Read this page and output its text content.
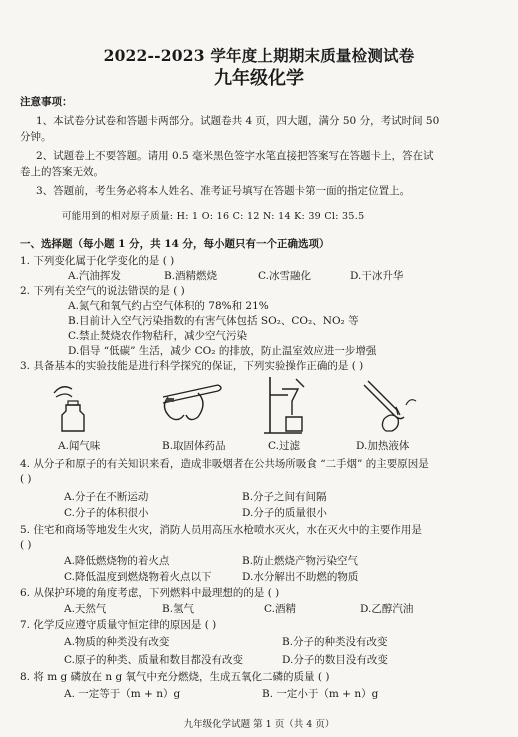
2022--2023 学年度上期期末质量检测试卷
九年级化学
注意事项：
1、本试卷分试卷和答题卡两部分。试题卷共 4 页，四大题，满分 50 分，考试时间 50
分钟。
2、试题卷上不要答题。请用 0.5 毫米黑色签字水笔直接把答案写在答题卡上，答在试
卷上的答案无效。
3、答题前，考生务必将本人姓名、准考证号填写在答题卡第一面的指定位置上。
可能用到的相对原子质量: H: 1 O: 16 C: 12 N: 14 K: 39 Cl: 35.5
一、选择题（每小题 1 分，共 14 分，每小题只有一个正确选项）
1. 下列变化属于化学变化的是 ( )
A.汽油挥发	B.酒精燃烧	C.冰雪融化	D.干冰升华
2. 下列有关空气的说法错误的是 ( )
A.氮气和氧气约占空气体积的 78%和 21%
B.目前计入空气污染指数的有害气体包括 SO₂、CO₂、NO₂ 等
C.禁止焚烧农作物秸秆，减少空气污染
D.倡导 “低碳” 生活，减少 CO₂ 的排放，防止温室效应进一步增强
3. 具备基本的实验技能是进行科学探究的保证，下列实验操作正确的是 ( )
A.闻气味	B.取固体药品	C.过滤	D.加热液体
4. 从分子和原子的有关知识来看，造成非吸烟者在公共场所吸食 “二手烟” 的主要原因是
( )
A.分子在不断运动	B.分子之间有间隔
C.分子的体积很小	D.分子的质量很小
5. 住宅和商场等地发生火灾，消防人员用高压水枪喷水灭火，水在灭火中的主要作用是
( )
A.降低燃烧物的着火点	B.防止燃烧产物污染空气
C.降低温度到燃烧物着火点以下	D.水分解出不助燃的物质
6. 从保护环境的角度考虑，下列燃料中最理想的的是 ( )
A.天然气	B.氢气	C.酒精	D.乙醇汽油
7. 化学反应遵守质量守恒定律的原因是 ( )
A.物质的种类没有改变	B.分子的种类没有改变
C.原子的种类、质量和数目都没有改变	D.分子的数目没有改变
8. 将 m g 磷放在 n g 氧气中充分燃烧，生成五氧化二磷的质量 ( )
A. 一定等于（m + n）g	B. 一定小于（m + n）g
九年级化学试题 第 1 页（共 4 页）
